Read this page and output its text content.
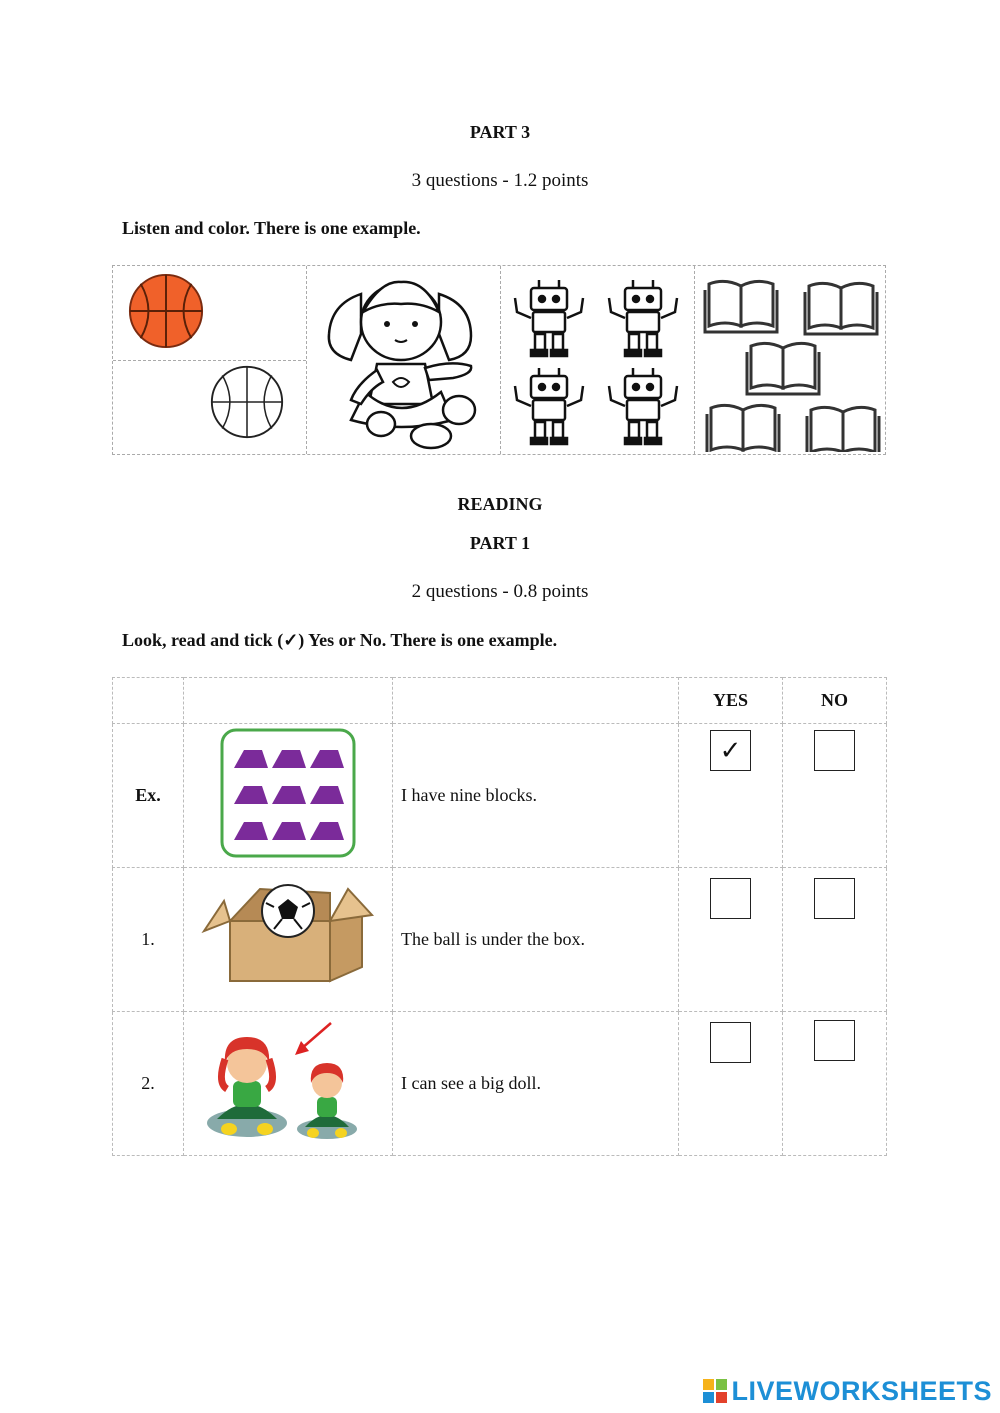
PART 3
3 questions - 1.2 points
Listen and color. There is one example.
READING
PART 1
2 questions - 0.8 points
Look, read and tick (✓) Yes or No. There is one example.
			YES	NO
Ex.		I have nine blocks.	✓	

1.		The ball is under the box.	

2.		I can see a big doll.	

LIVEWORKSHEETS
